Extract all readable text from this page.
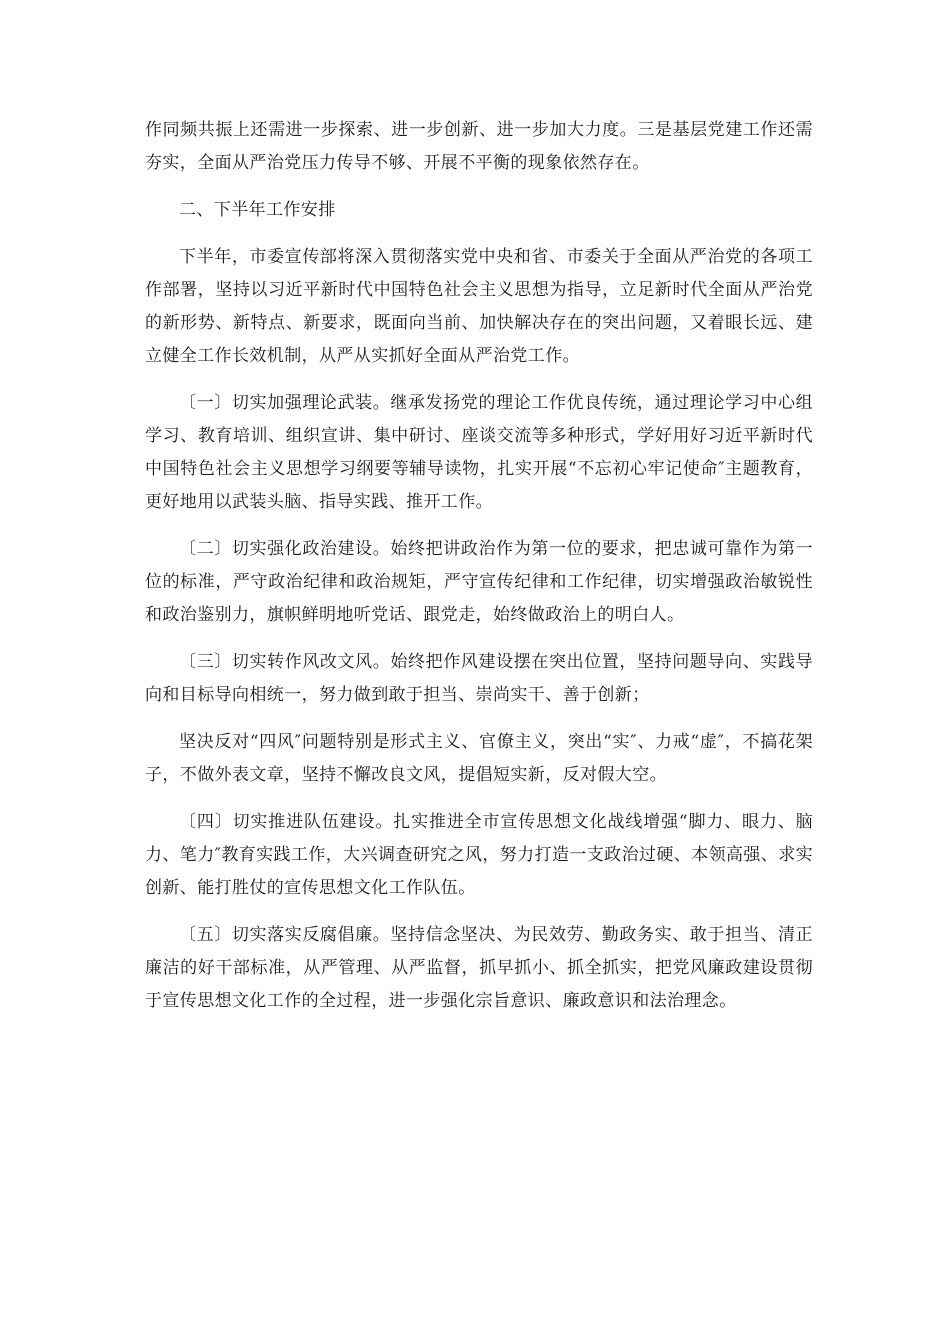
作同频共振上还需进一步探索、进一步创新、进一步加大力度。三是基层党建工作还需夯实，全面从严治党压力传导不够、开展不平衡的现象依然存在。

二、下半年工作安排

下半年，市委宣传部将深入贯彻落实党中央和省、市委关于全面从严治党的各项工作部署，坚持以习近平新时代中国特色社会主义思想为指导，立足新时代全面从严治党的新形势、新特点、新要求，既面向当前、加快解决存在的突出问题，又着眼长远、建立健全工作长效机制，从严从实抓好全面从严治党工作。

〔一〕切实加强理论武装。继承发扬党的理论工作优良传统，通过理论学习中心组学习、教育培训、组织宣讲、集中研讨、座谈交流等多种形式，学好用好习近平新时代中国特色社会主义思想学习纲要等辅导读物，扎实开展“不忘初心牢记使命″主题教育，更好地用以武装头脑、指导实践、推开工作。

〔二〕切实强化政治建设。始终把讲政治作为第一位的要求，把忠诚可靠作为第一位的标准，严守政治纪律和政治规矩，严守宣传纪律和工作纪律，切实增强政治敏锐性和政治鉴别力，旗帜鲜明地听党话、跟党走，始终做政治上的明白人。

〔三〕切实转作风改文风。始终把作风建设摆在突出位置，坚持问题导向、实践导向和目标导向相统一，努力做到敢于担当、崇尚实干、善于创新；

坚决反对“四风″问题特别是形式主义、官僚主义，突出“实″、力戒“虚″，不搞花架子，不做外表文章，坚持不懈改良文风，提倡短实新，反对假大空。

〔四〕切实推进队伍建设。扎实推进全市宣传思想文化战线增强“脚力、眼力、脑力、笔力″教育实践工作，大兴调查研究之风，努力打造一支政治过硬、本领高强、求实创新、能打胜仗的宣传思想文化工作队伍。

〔五〕切实落实反腐倡廉。坚持信念坚决、为民效劳、勤政务实、敢于担当、清正廉洁的好干部标准，从严管理、从严监督，抓早抓小、抓全抓实，把党风廉政建设贯彻于宣传思想文化工作的全过程，进一步强化宗旨意识、廉政意识和法治理念。
